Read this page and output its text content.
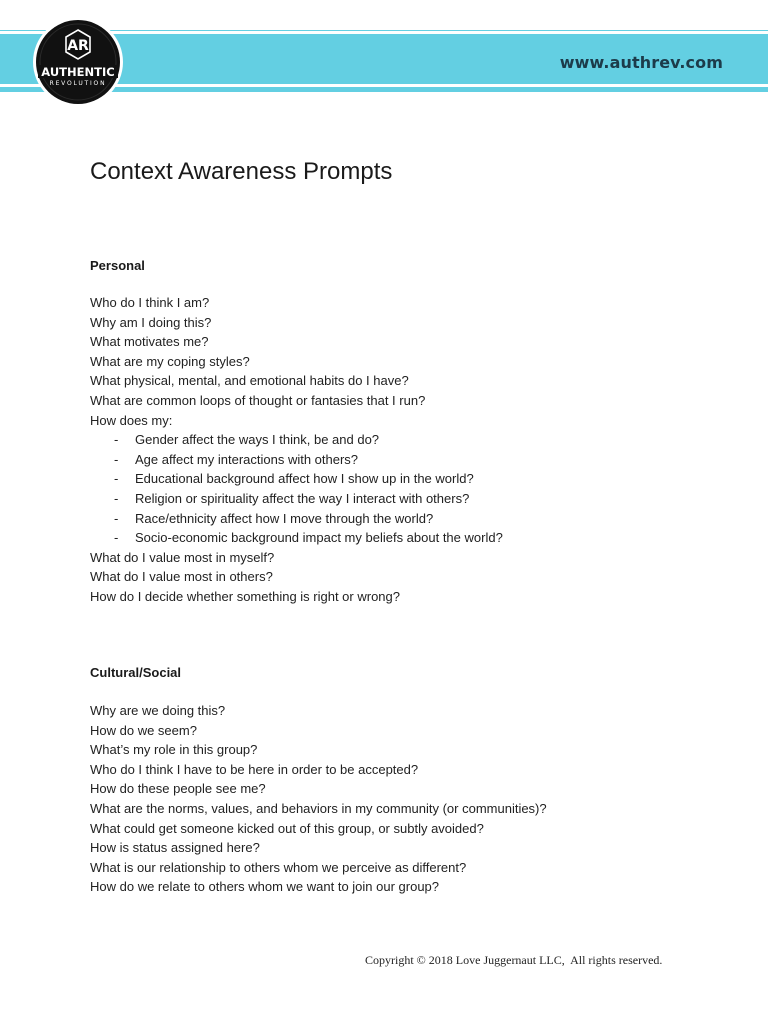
AR
AUTHENTIC
REVOLUTION
www.authrev.com
Context Awareness Prompts
Personal
Who do I think I am?
Why am I doing this?
What motivates me?
What are my coping styles?
What physical, mental, and emotional habits do I have?
What are common loops of thought or fantasies that I run?
How does my:
- Gender affect the ways I think, be and do?
- Age affect my interactions with others?
- Educational background affect how I show up in the world?
- Religion or spirituality affect the way I interact with others?
- Race/ethnicity affect how I move through the world?
- Socio-economic background impact my beliefs about the world?
What do I value most in myself?
What do I value most in others?
How do I decide whether something is right or wrong?
Cultural/Social
Why are we doing this?
How do we seem?
What’s my role in this group?
Who do I think I have to be here in order to be accepted?
How do these people see me?
What are the norms, values, and behaviors in my community (or communities)?
What could get someone kicked out of this group, or subtly avoided?
How is status assigned here?
What is our relationship to others whom we perceive as different?
How do we relate to others whom we want to join our group?
Copyright © 2018 Love Juggernaut LLC,  All rights reserved.
